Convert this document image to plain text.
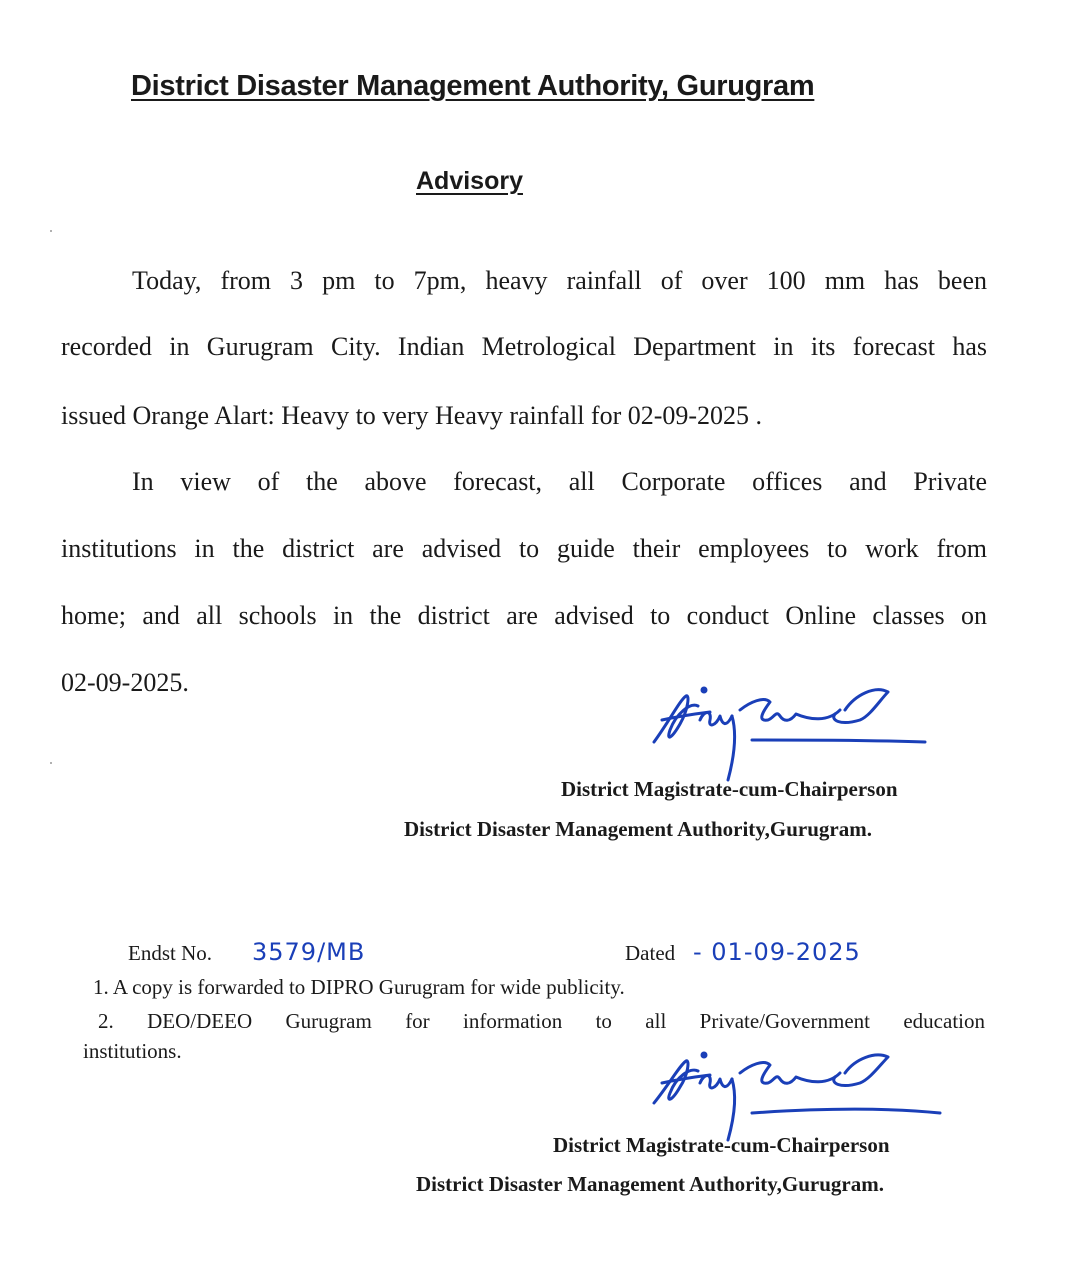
District Disaster Management Authority, Gurugram
Advisory
Today, from 3 pm to 7pm, heavy rainfall of over 100 mm has been
recorded in Gurugram City. Indian Metrological Department in its forecast has
issued Orange Alart: Heavy to very Heavy rainfall for 02-09-2025 .
In view of the above forecast, all Corporate offices and Private
institutions in the district are advised to guide their employees to work from
home; and all schools in the district are advised to conduct Online classes on
02-09-2025.
District Magistrate-cum-Chairperson
District Disaster Management Authority,Gurugram.
Endst No. 3579/MB	Dated - 01-09-2025
1. A copy is forwarded to DIPRO Gurugram for wide publicity.
2. DEO/DEEO Gurugram for information to all Private/Government education
institutions.
District Magistrate-cum-Chairperson
District Disaster Management Authority,Gurugram.
